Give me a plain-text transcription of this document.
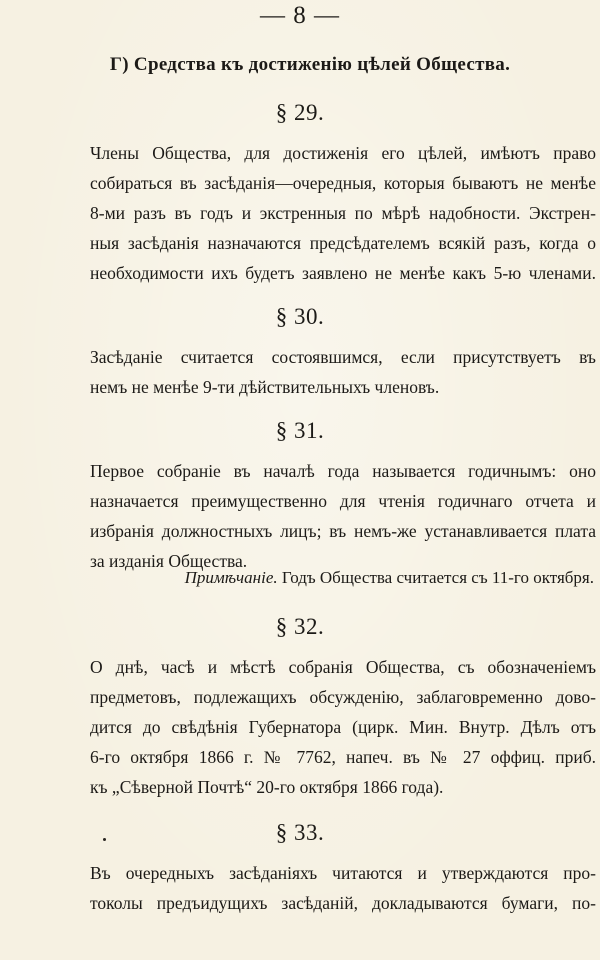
— 8 —
Г) Средства къ достиженію цѣлей Общества.
§ 29.
Члены Общества, для достиженія его цѣлей, имѣютъ право
собираться въ засѣданія—очередныя, которыя бываютъ не менѣе
8-ми разъ въ годъ и экстренныя по мѣрѣ надобности. Экстрен-
ныя засѣданія назначаются предсѣдателемъ всякій разъ, когда о
необходимости ихъ будетъ заявлено не менѣе какъ 5-ю членами.
§ 30.
Засѣданіе считается состоявшимся, если присутствуетъ въ
немъ не менѣе 9-ти дѣйствительныхъ членовъ.
§ 31.
Первое собраніе въ началѣ года называется годичнымъ: оно
назначается преимущественно для чтенія годичнаго отчета и
избранія должностныхъ лицъ; въ немъ-же устанавливается плата
за изданія Общества.
Примѣчаніе. Годъ Общества считается съ 11-го октября.
§ 32.
О днѣ, часѣ и мѣстѣ собранія Общества, съ обозначеніемъ
предметовъ, подлежащихъ обсужденію, заблаговременно дово-
дится до свѣдѣнія Губернатора (цирк. Мин. Внутр. Дѣлъ отъ
6-го октября 1866 г. № 7762, напеч. въ № 27 оффиц. приб.
къ „Сѣверной Почтѣ“ 20-го октября 1866 года).
§ 33.
Въ очередныхъ засѣданіяхъ читаются и утверждаются про-
токолы предъидущихъ засѣданій, докладываются бумаги, по-
